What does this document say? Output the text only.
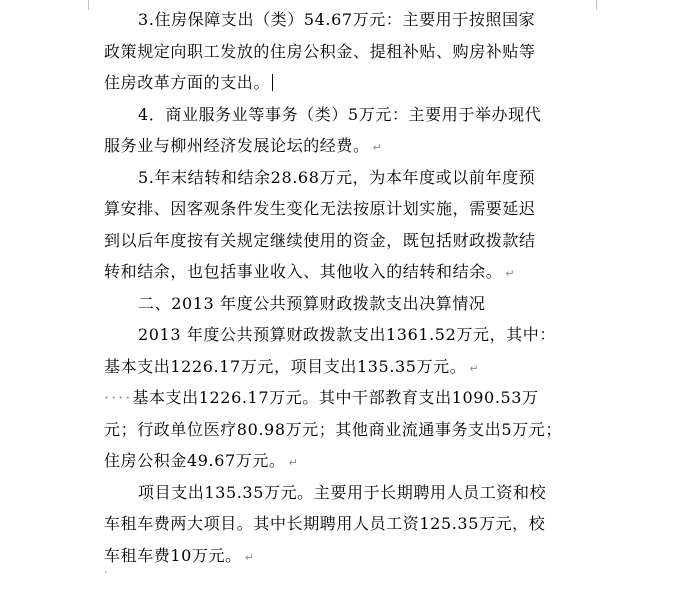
3.住房保障支出（类）54.67万元：主要用于按照国家
政策规定向职工发放的住房公积金、提租补贴、购房补贴等
住房改革方面的支出。
4．商业服务业等事务（类）5万元：主要用于举办现代
服务业与柳州经济发展论坛的经费。 ↵
5.年末结转和结余28.68万元，为本年度或以前年度预
算安排、因客观条件发生变化无法按原计划实施，需要延迟
到以后年度按有关规定继续使用的资金，既包括财政拨款结
转和结余，也包括事业收入、其他收入的结转和结余。 ↵
二、2013 年度公共预算财政拨款支出决算情况
2013 年度公共预算财政拨款支出1361.52万元，其中：
基本支出1226.17万元，项目支出135.35万元。 ↵
····基本支出1226.17万元。其中干部教育支出1090.53万
元；行政单位医疗80.98万元；其他商业流通事务支出5万元；
住房公积金49.67万元。 ↵
项目支出135.35万元。主要用于长期聘用人员工资和校
车租车费两大项目。其中长期聘用人员工资125.35万元，校
车租车费10万元。 ↵
·
